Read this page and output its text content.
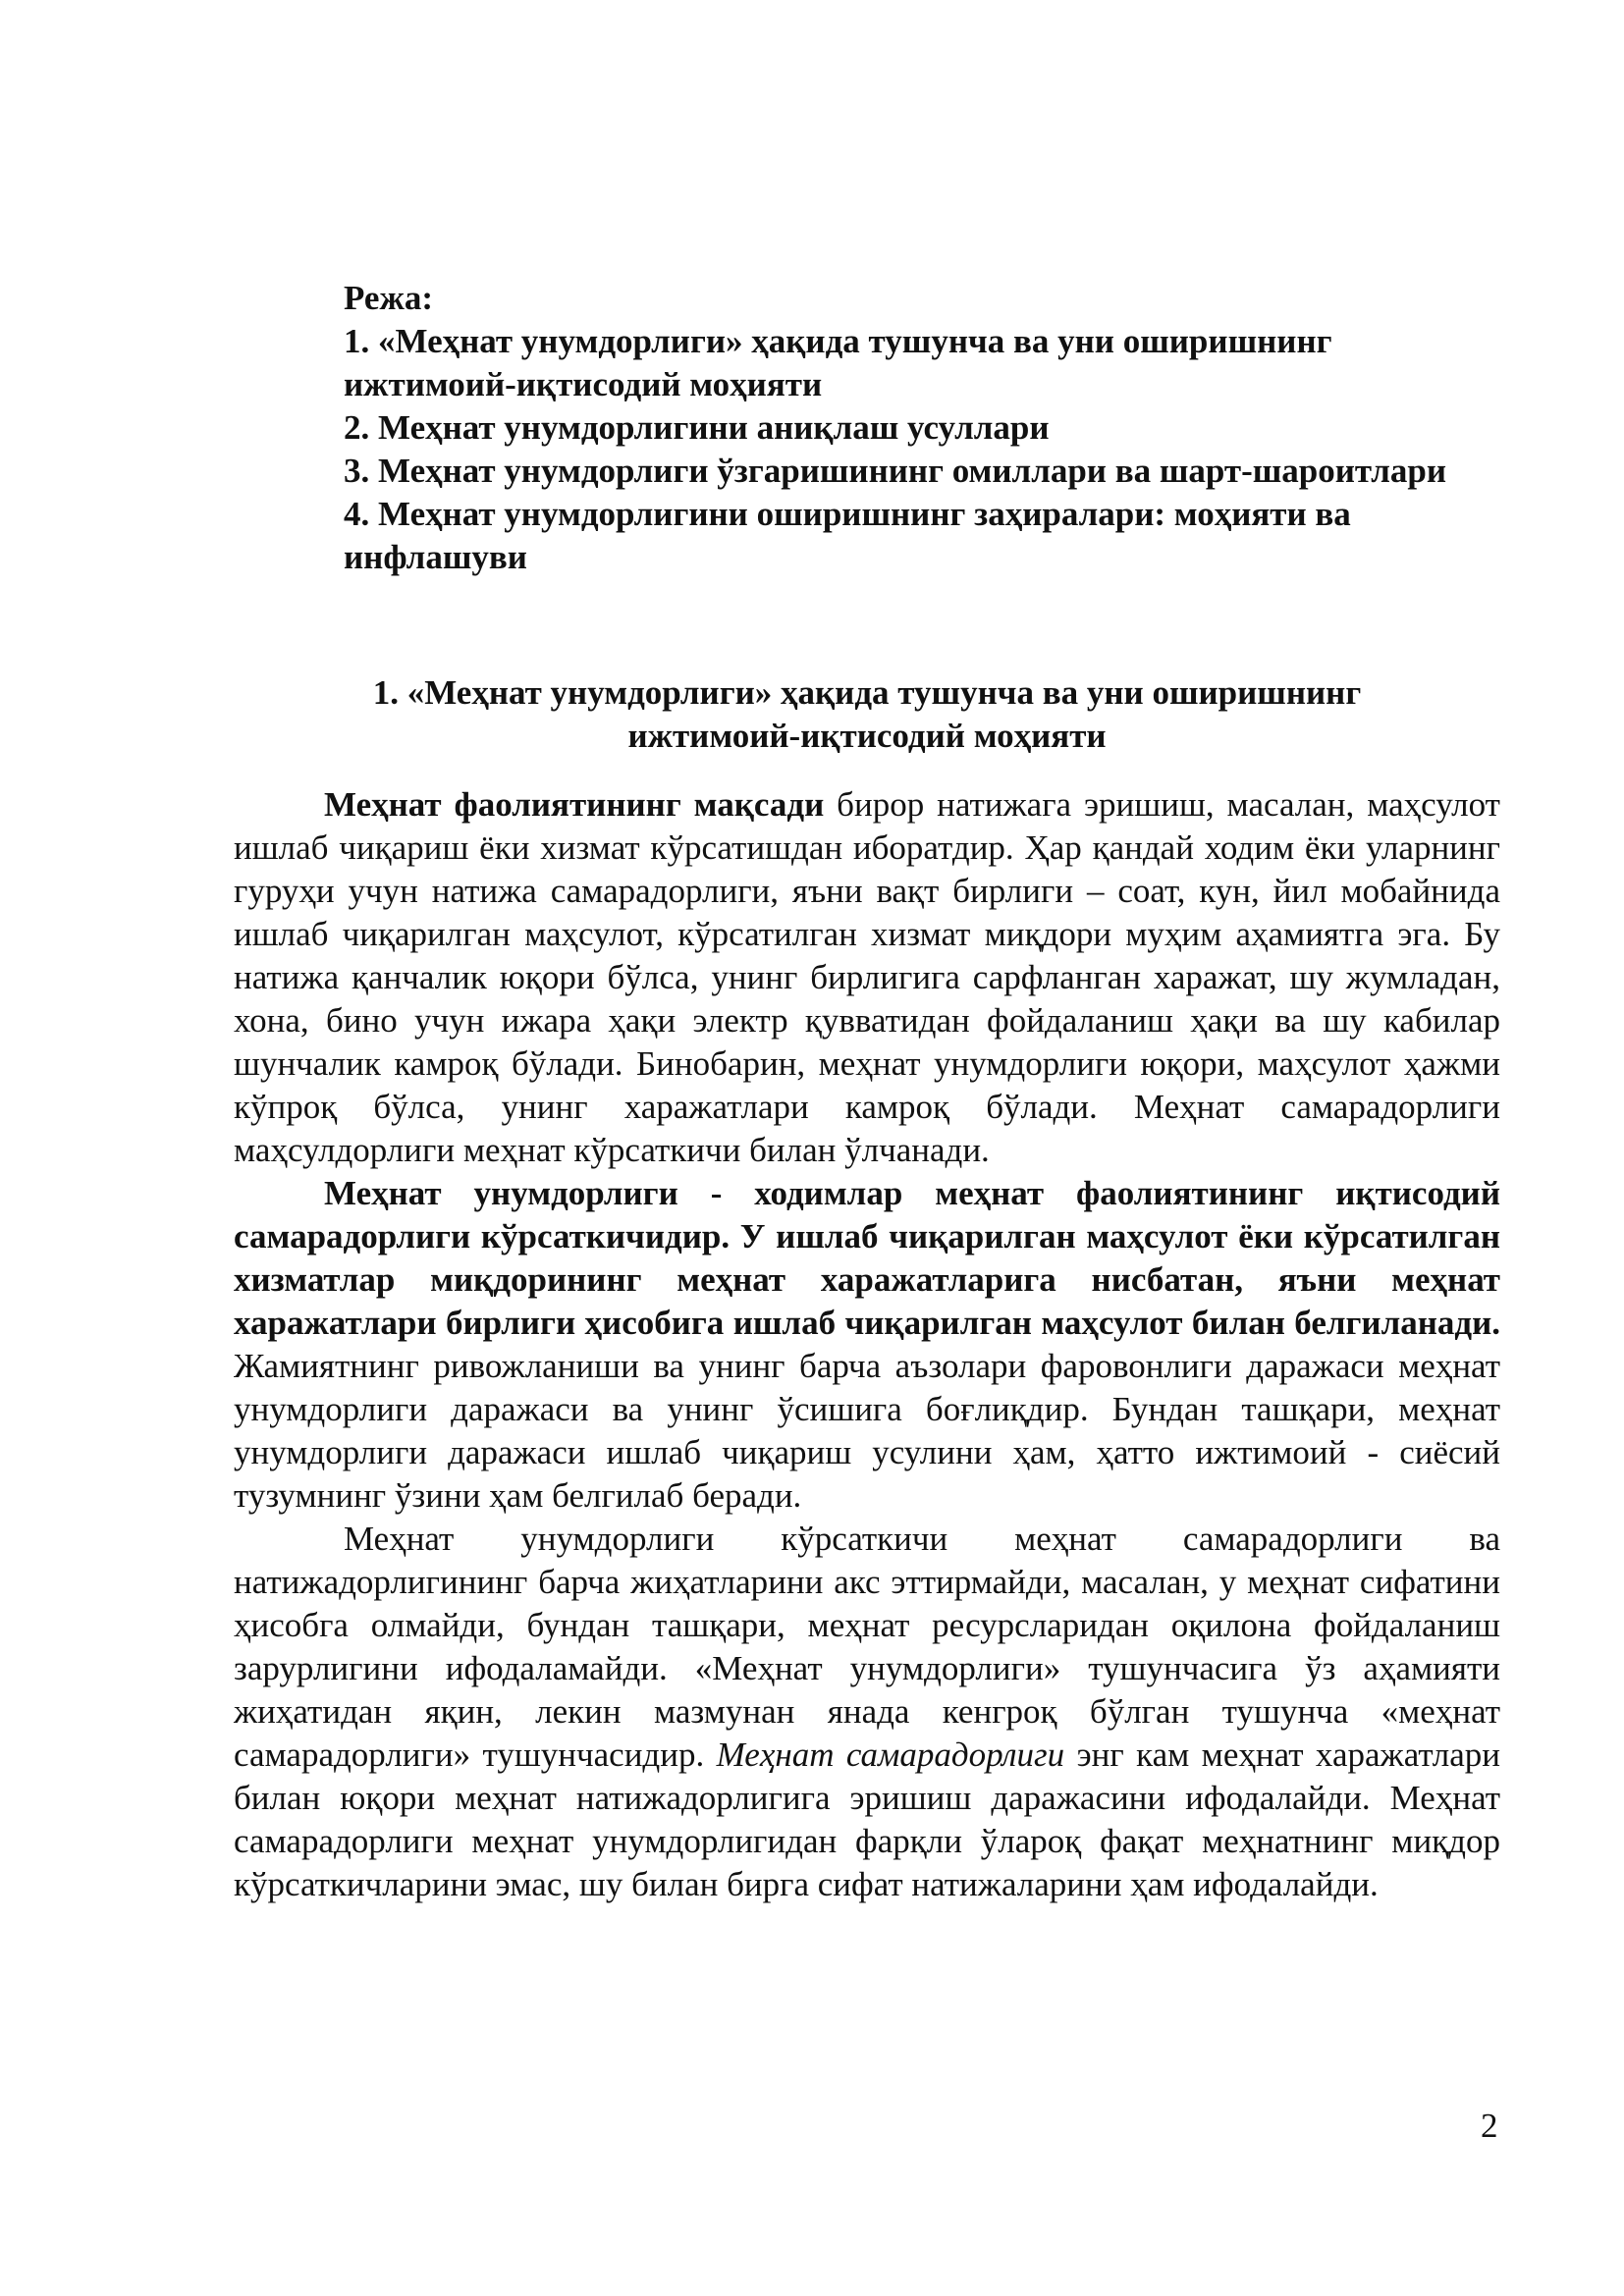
Режа:

1. «Меҳнат унумдорлиги» ҳақида тушунча ва уни оширишнинг ижтимоий-иқтисодий моҳияти

2. Меҳнат унумдорлигини аниқлаш усуллари

3. Меҳнат унумдорлиги ўзгаришининг омиллари ва шарт-шароитлари

4. Меҳнат унумдорлигини оширишнинг заҳиралари: моҳияти ва инфлашуви

1. «Меҳнат унумдорлиги» ҳақида тушунча ва уни оширишнинг

ижтимоий-иқтисодий моҳияти

Меҳнат фаолиятининг мақсади бирор натижага эришиш, масалан, маҳсулот ишлаб чиқариш ёки хизмат кўрсатишдан иборатдир. Ҳар қандай ходим ёки уларнинг гуруҳи учун натижа самарадорлиги, яъни вақт бирлиги – соат, кун, йил мобайнида ишлаб чиқарилган маҳсулот, кўрсатилган хизмат миқдори муҳим аҳамиятга эга. Бу натижа қанчалик юқори бўлса, унинг бирлигига сарфланган харажат, шу жумладан, хона, бино учун ижара ҳақи электр қувватидан фойдаланиш ҳақи ва шу кабилар шунчалик камроқ бўлади. Бинобарин, меҳнат унумдорлиги юқори, маҳсулот ҳажми кўпроқ бўлса, унинг харажатлари камроқ бўлади. Меҳнат самарадорлиги маҳсулдорлиги меҳнат кўрсаткичи билан ўлчанади.

Меҳнат унумдорлиги - ходимлар меҳнат фаолиятининг иқтисодий самарадорлиги кўрсаткичидир. У ишлаб чиқарилган маҳсулот ёки кўрсатилган хизматлар миқдорининг меҳнат харажатларига нисбатан, яъни меҳнат харажатлари бирлиги ҳисобига ишлаб чиқарилган маҳсулот билан белгиланади. Жамиятнинг ривожланиши ва унинг барча аъзолари фаровонлиги даражаси меҳнат унумдорлиги даражаси ва унинг ўсишига боғлиқдир. Бундан ташқари, меҳнат унумдорлиги даражаси ишлаб чиқариш усулини ҳам, ҳатто ижтимоий - сиёсий тузумнинг ўзини ҳам белгилаб беради.

Меҳнат унумдорлиги кўрсаткичи меҳнат самарадорлиги ва натижадорлигининг барча жиҳатларини акс эттирмайди, масалан, у меҳнат сифатини ҳисобга олмайди, бундан ташқари, меҳнат ресурсларидан оқилона фойдаланиш зарурлигини ифодаламайди. «Меҳнат унумдорлиги» тушунчасига ўз аҳамияти жиҳатидан яқин, лекин мазмунан янада кенгроқ бўлган тушунча «меҳнат самарадорлиги» тушунчасидир. Меҳнат самарадорлиги энг кам меҳнат харажатлари билан юқори меҳнат натижадорлигига эришиш даражасини ифодалайди. Меҳнат самарадорлиги меҳнат унумдорлигидан фарқли ўлароқ фақат меҳнатнинг миқдор кўрсаткичларини эмас, шу билан бирга сифат натижаларини ҳам ифодалайди.

2
